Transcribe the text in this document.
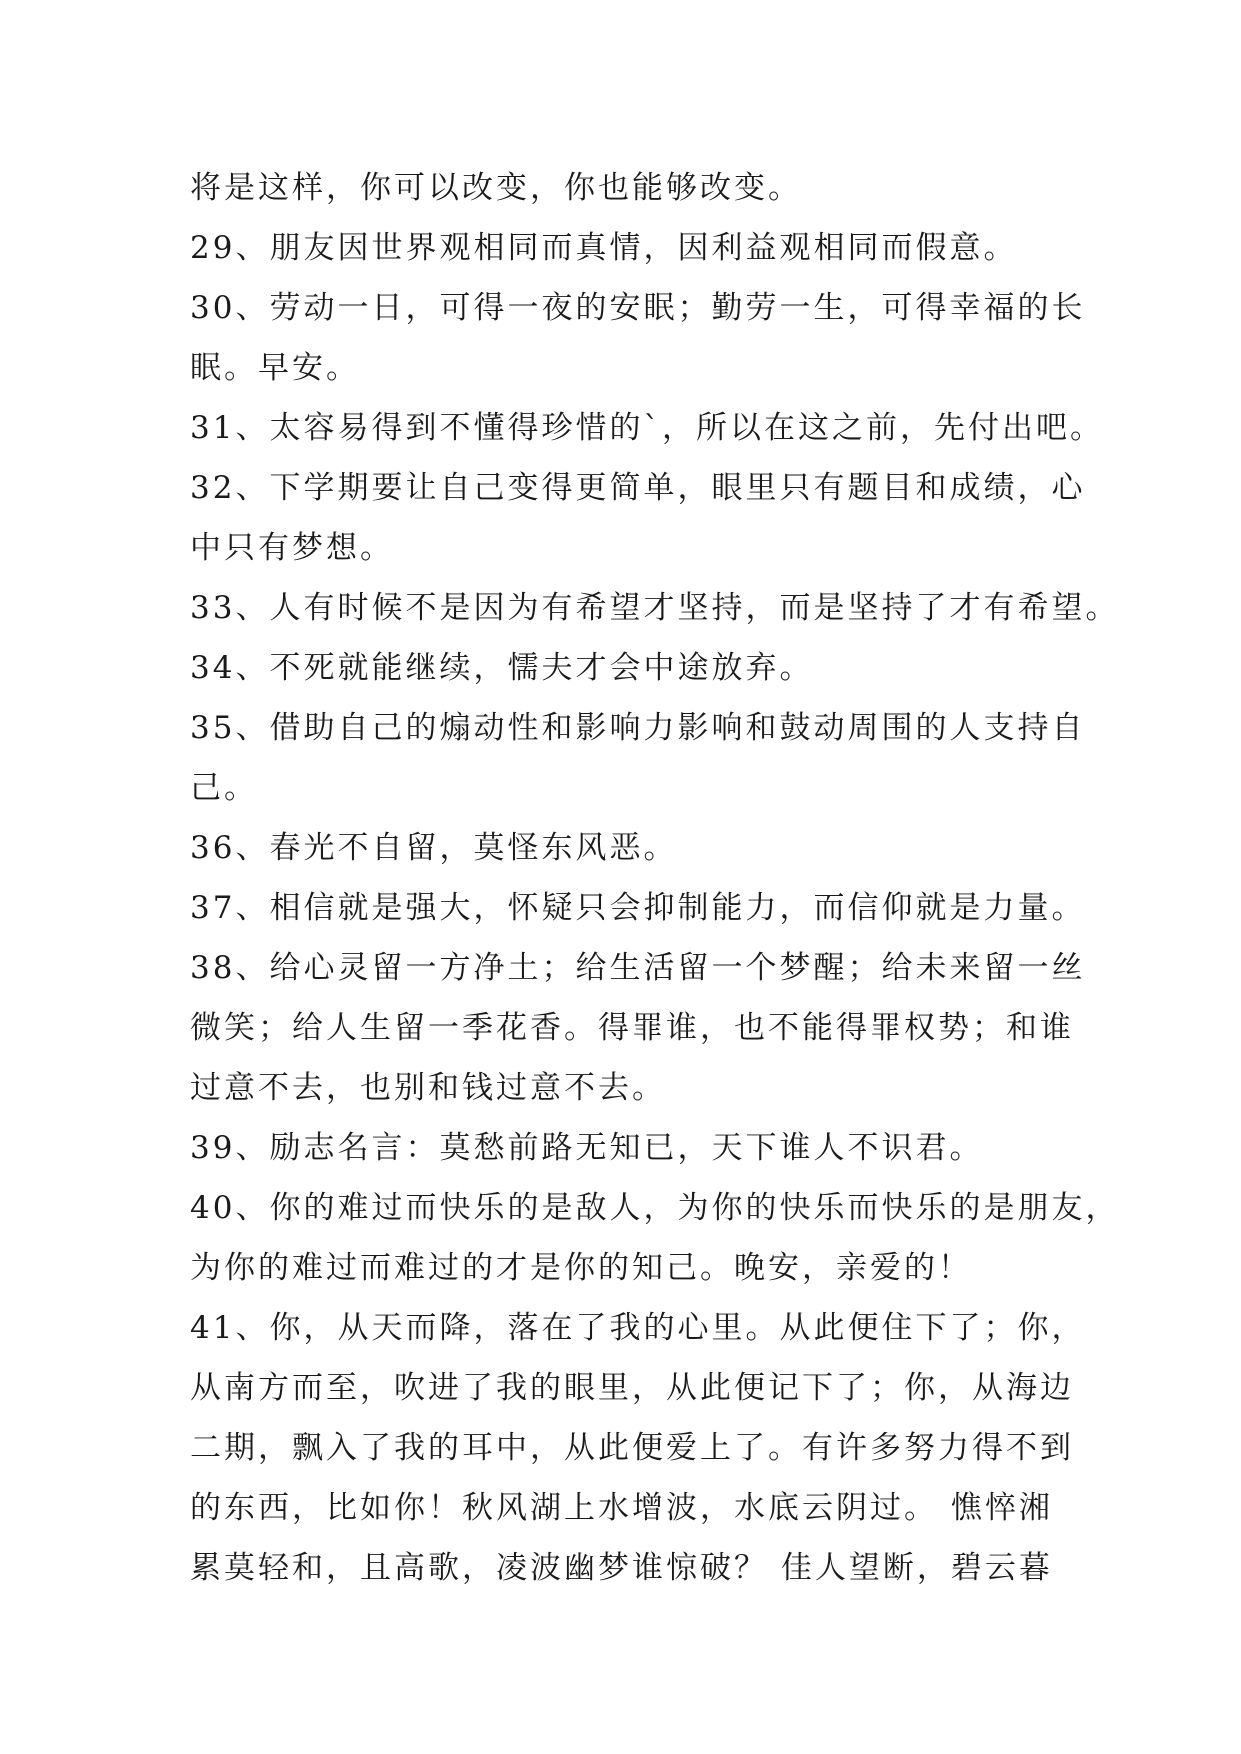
将是这样，你可以改变，你也能够改变。
29、朋友因世界观相同而真情，因利益观相同而假意。
30、劳动一日，可得一夜的安眠；勤劳一生，可得幸福的长
眠。早安。
31、太容易得到不懂得珍惜的`，所以在这之前，先付出吧。
32、下学期要让自己变得更简单，眼里只有题目和成绩，心
中只有梦想。
33、人有时候不是因为有希望才坚持，而是坚持了才有希望。
34、不死就能继续，懦夫才会中途放弃。
35、借助自己的煽动性和影响力影响和鼓动周围的人支持自
己。
36、春光不自留，莫怪东风恶。
37、相信就是强大，怀疑只会抑制能力，而信仰就是力量。
38、给心灵留一方净土；给生活留一个梦醒；给未来留一丝
微笑；给人生留一季花香。得罪谁，也不能得罪权势；和谁
过意不去，也别和钱过意不去。
39、励志名言：莫愁前路无知已，天下谁人不识君。
40、你的难过而快乐的是敌人，为你的快乐而快乐的是朋友，
为你的难过而难过的才是你的知己。晚安，亲爱的！
41、你，从天而降，落在了我的心里。从此便住下了；你，
从南方而至，吹进了我的眼里，从此便记下了；你，从海边
二期，飘入了我的耳中，从此便爱上了。有许多努力得不到
的东西，比如你！秋风湖上水增波，水底云阴过。 憔悴湘
累莫轻和，且高歌，凌波幽梦谁惊破？ 佳人望断，碧云暮
